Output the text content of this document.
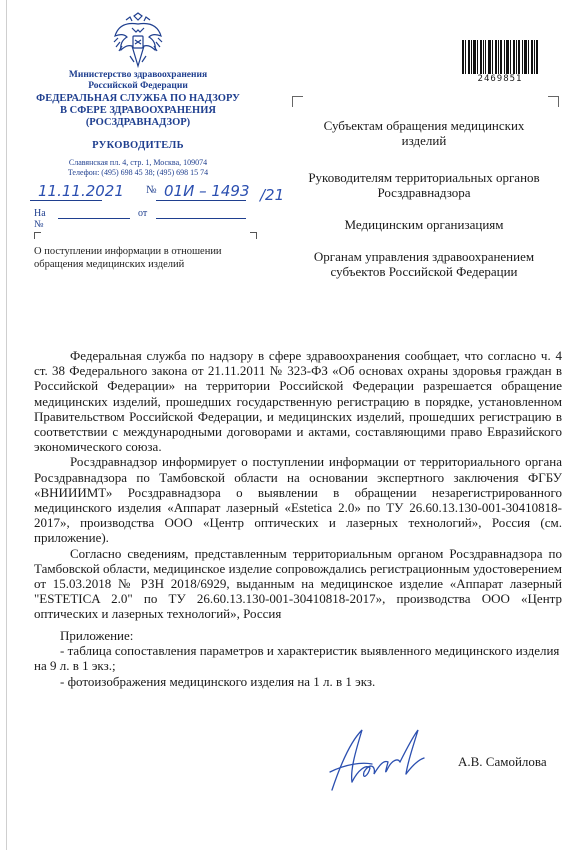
Министерство здравоохранения
Российской Федерации
ФЕДЕРАЛЬНАЯ СЛУЖБА ПО НАДЗОРУ
В СФЕРЕ ЗДРАВООХРАНЕНИЯ
(РОСЗДРАВНАДЗОР)
РУКОВОДИТЕЛЬ
Славянская пл. 4, стр. 1, Москва, 109074
Телефон: (495) 698 45 38; (495) 698 15 74
11.11.2021 № 01И – 1493 /21
На №
от
О поступлении информации в отношении обращения медицинских изделий
2469851
Субъектам обращения медицинских изделий
Руководителям территориальных органов Росздравнадзора
Медицинским организациям
Органам управления здравоохранением субъектов Российской Федерации

Федеральная служба по надзору в сфере здравоохранения сообщает, что согласно ч. 4 ст. 38 Федерального закона от 21.11.2011 № 323-ФЗ «Об основах охраны здоровья граждан в Российской Федерации» на территории Российской Федерации разрешается обращение медицинских изделий, прошедших государственную регистрацию в порядке, установленном Правительством Российской Федерации, и медицинских изделий, прошедших регистрацию в соответствии с международными договорами и актами, составляющими право Евразийского экономического союза.

Росздравнадзор информирует о поступлении информации от территориального органа Росздравнадзора по Тамбовской области на основании экспертного заключения ФГБУ «ВНИИИМТ» Росздравнадзора о выявлении в обращении незарегистрированного медицинского изделия «Аппарат лазерный «Estetica 2.0» по ТУ 26.60.13.130-001-30410818-2017», производства ООО «Центр оптических и лазерных технологий», Россия (см. приложение).

Согласно сведениям, представленным территориальным органом Росздравнадзора по Тамбовской области, медицинское изделие сопровождались регистрационным удостоверением от 15.03.2018 № РЗН 2018/6929, выданным на медицинское изделие «Аппарат лазерный "ESTETICA 2.0" по ТУ 26.60.13.130-001-30410818-2017», производства ООО «Центр оптических и лазерных технологий», Россия

Приложение:
- таблица сопоставления параметров и характеристик выявленного медицинского изделия на 9 л. в 1 экз.;
- фотоизображения медицинского изделия на 1 л. в 1 экз.
А.В. Самойлова
